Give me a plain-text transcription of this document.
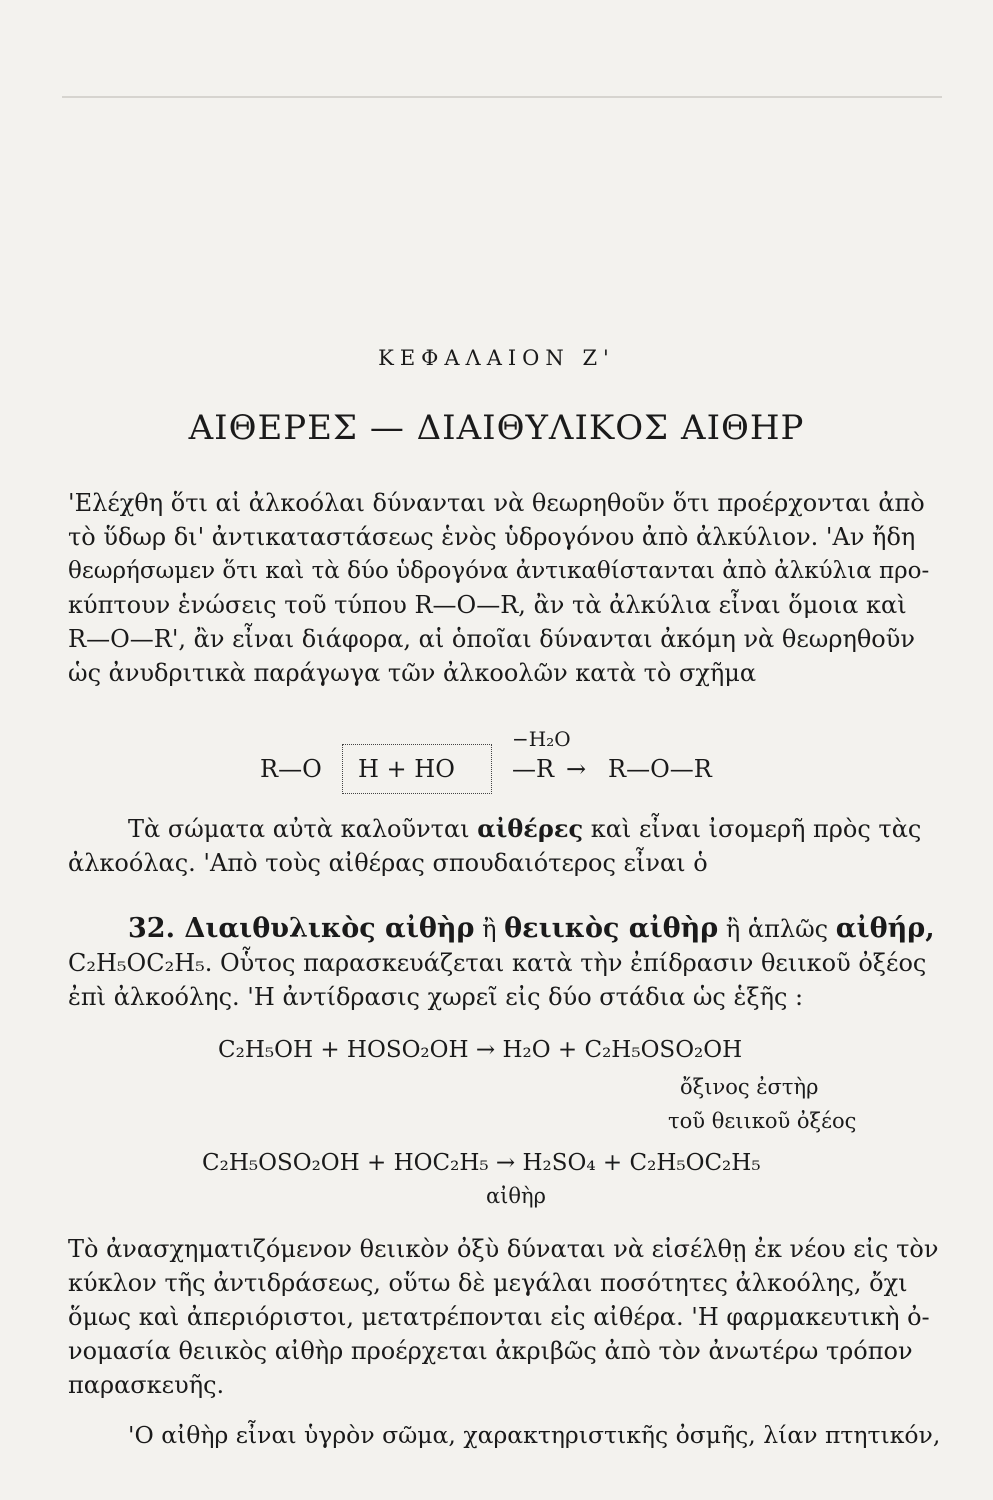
ΚΕΦΑΛΑΙΟΝ Ζ'
ΑΙΘΕΡΕΣ — ΔΙΑΙΘΥΛΙΚΟΣ ΑΙΘΗΡ
'Ελέχθη ὅτι αἱ ἀλκοόλαι δύνανται νὰ θεωρηθοῦν ὅτι προέρχονται ἀπὸ
τὸ ὕδωρ δι' ἀντικαταστάσεως ἑνὸς ὑδρογόνου ἀπὸ ἀλκύλιον. 'Αν ἤδη
θεωρήσωμεν ὅτι καὶ τὰ δύο ὑδρογόνα ἀντικαθίστανται ἀπὸ ἀλκύλια προ-
κύπτουν ἑνώσεις τοῦ τύπου R—O—R, ἂν τὰ ἀλκύλια εἶναι ὅμοια καὶ
R—O—R', ἂν εἶναι διάφορα, αἱ ὁποῖαι δύνανται ἀκόμη νὰ θεωρηθοῦν
ὡς ἀνυδριτικὰ παράγωγα τῶν ἀλκοολῶν κατὰ τὸ σχῆμα
−H₂O
R—O H + HO —R → R—O—R
Τὰ σώματα αὐτὰ καλοῦνται αἰθέρες καὶ εἶναι ἰσομερῆ πρὸς τὰς
ἀλκοόλας. 'Απὸ τοὺς αἰθέρας σπουδαιότερος εἶναι ὁ
32. Διαιθυλικὸς αἰθὴρ ἢ θειικὸς αἰθὴρ ἢ ἁπλῶς αἰθήρ,
C₂H₅OC₂H₅. Οὗτος παρασκευάζεται κατὰ τὴν ἐπίδρασιν θειικοῦ ὀξέος
ἐπὶ ἀλκοόλης. 'Η ἀντίδρασις χωρεῖ εἰς δύο στάδια ὡς ἑξῆς :
C₂H₅OH + HOSO₂OH → H₂O + C₂H₅OSO₂OH
ὄξινος ἐστὴρ
τοῦ θειικοῦ ὀξέος
C₂H₅OSO₂OH + HOC₂H₅ → H₂SO₄ + C₂H₅OC₂H₅
αἰθὴρ
Τὸ ἀνασχηματιζόμενον θειικὸν ὀξὺ δύναται νὰ εἰσέλθῃ ἐκ νέου εἰς τὸν
κύκλον τῆς ἀντιδράσεως, οὕτω δὲ μεγάλαι ποσότητες ἀλκοόλης, ὄχι
ὅμως καὶ ἀπεριόριστοι, μετατρέπονται εἰς αἰθέρα. 'Η φαρμακευτικὴ ὀ-
νομασία θειικὸς αἰθὴρ προέρχεται ἀκριβῶς ἀπὸ τὸν ἀνωτέρω τρόπον
παρασκευῆς.
'Ο αἰθὴρ εἶναι ὑγρὸν σῶμα, χαρακτηριστικῆς ὀσμῆς, λίαν πτητικόν,
